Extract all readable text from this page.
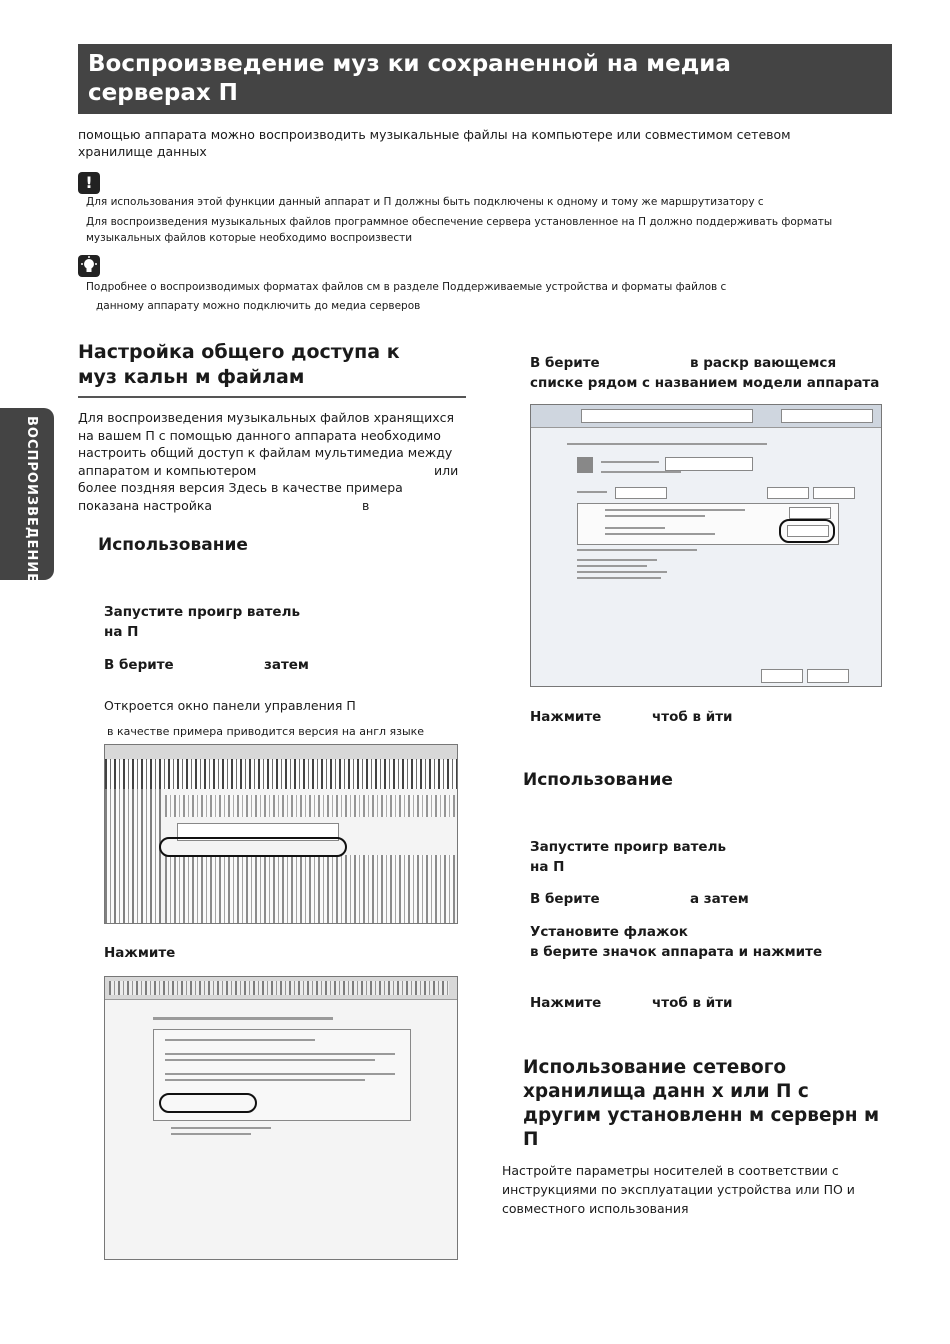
Воспроизведение муз ки сохраненной на медиа
серверах П
помощью аппарата можно воспроизводить музыкальные файлы на компьютере или совместимом сетевом
хранилище данных
!
Для использования этой функции данный аппарат и П должны быть подключены к одному и тому же маршрутизатору с
Для воспроизведения музыкальных файлов программное обеспечение сервера установленное на П должно поддерживать форматы
музыкальных файлов которые необходимо воспроизвести
Подробнее о воспроизводимых форматах файлов см в разделе Поддерживаемые устройства и форматы файлов с
данному аппарату можно подключить до медиа серверов
ВОСПРОИЗВЕДЕНИЕ
Настройка общего доступа к
муз кальн м файлам
Для воспроизведения музыкальных файлов хранящихся
на вашем П с помощью данного аппарата необходимо
настроить общий доступ к файлам мультимедиа между
аппаратом и компьютером	или
более поздняя версия Здесь в качестве примера
показана настройка	в
Использование
Запустите проигр ватель
на П
В берите	затем
Откроется окно панели управления П
в качестве примера приводится версия на англ языке
Нажмите
В берите	в раскр вающемся
списке рядом с названием модели аппарата
Нажмите	чтоб в йти
Использование
Запустите проигр ватель
на П
В берите	а затем
Установите флажок
в берите значок аппарата и нажмите
Нажмите	чтоб в йти
Использование сетевого
хранилища данн х или П с
другим установленн м серверн м
П
Настройте параметры носителей в соответствии с
инструкциями по эксплуатации устройства или ПО и
совместного использования
